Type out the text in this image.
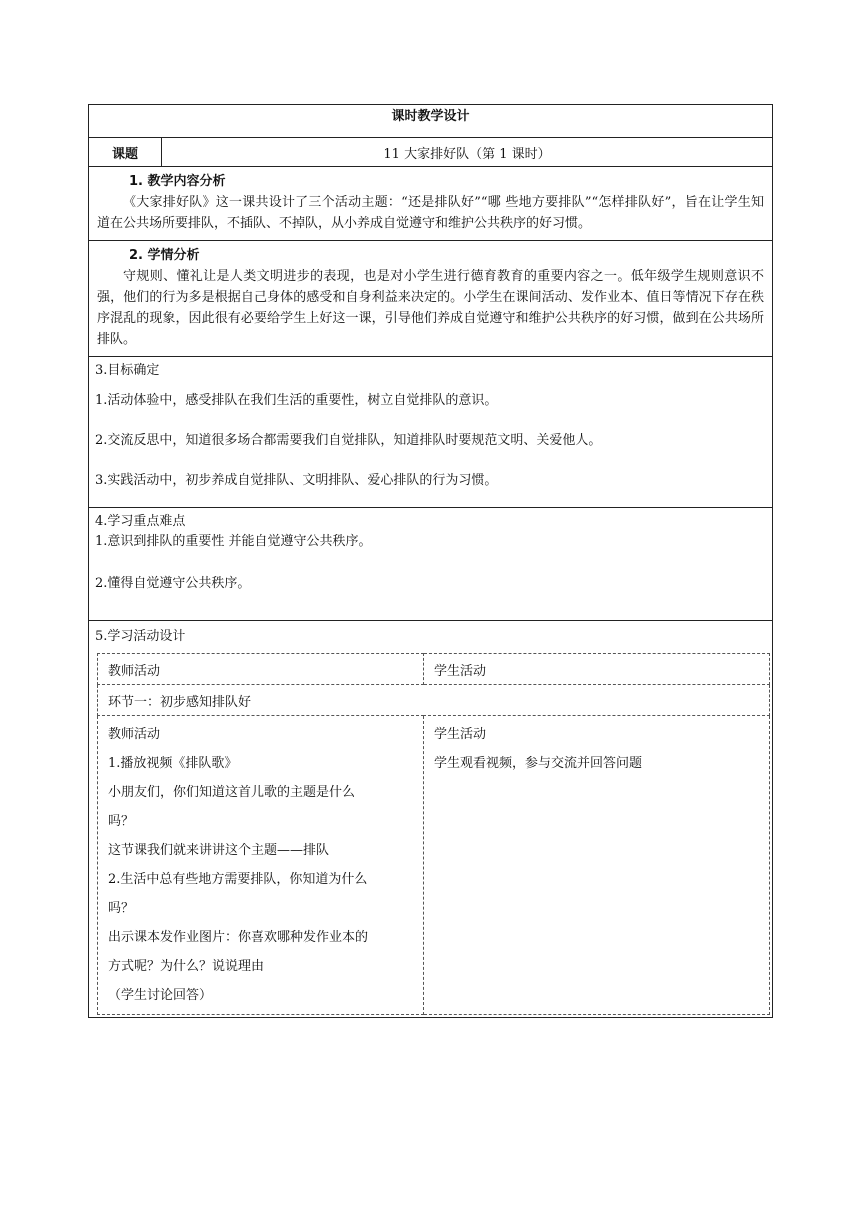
课时教学设计
课题	11 大家排好队（第 1 课时）

1. 教学内容分析

《大家排好队》这一课共设计了三个活动主题：“还是排队好”“哪 些地方要排队”“怎样排队好”，旨在让学生知道在公共场所要排队，不插队、不掉队，从小养成自觉遵守和维护公共秩序的好习惯。

2. 学情分析

守规则、懂礼让是人类文明进步的表现，也是对小学生进行德育教育的重要内容之一。低年级学生规则意识不强，他们的行为多是根据自己身体的感受和自身利益来决定的。小学生在课间活动、发作业本、值日等情况下存在秩序混乱的现象，因此很有必要给学生上好这一课，引导他们养成自觉遵守和维护公共秩序的好习惯，做到在公共场所排队。

3.目标确定

1.活动体验中，感受排队在我们生活的重要性，树立自觉排队的意识。

2.交流反思中，知道很多场合都需要我们自觉排队，知道排队时要规范文明、关爱他人。

3.实践活动中，初步养成自觉排队、文明排队、爱心排队的行为习惯。

4.学习重点难点

1.意识到排队的重要性 并能自觉遵守公共秩序。

2.懂得自觉遵守公共秩序。

5.学习活动设计

教师活动	学生活动
环节一：初步感知排队好

教师活动

1.播放视频《排队歌》

小朋友们，你们知道这首儿歌的主题是什么

吗？

这节课我们就来讲讲这个主题——排队

2.生活中总有些地方需要排队，你知道为什么

吗？

出示课本发作业图片：你喜欢哪种发作业本的

方式呢？为什么？说说理由

（学生讨论回答）

学生活动

学生观看视频，参与交流并回答问题
